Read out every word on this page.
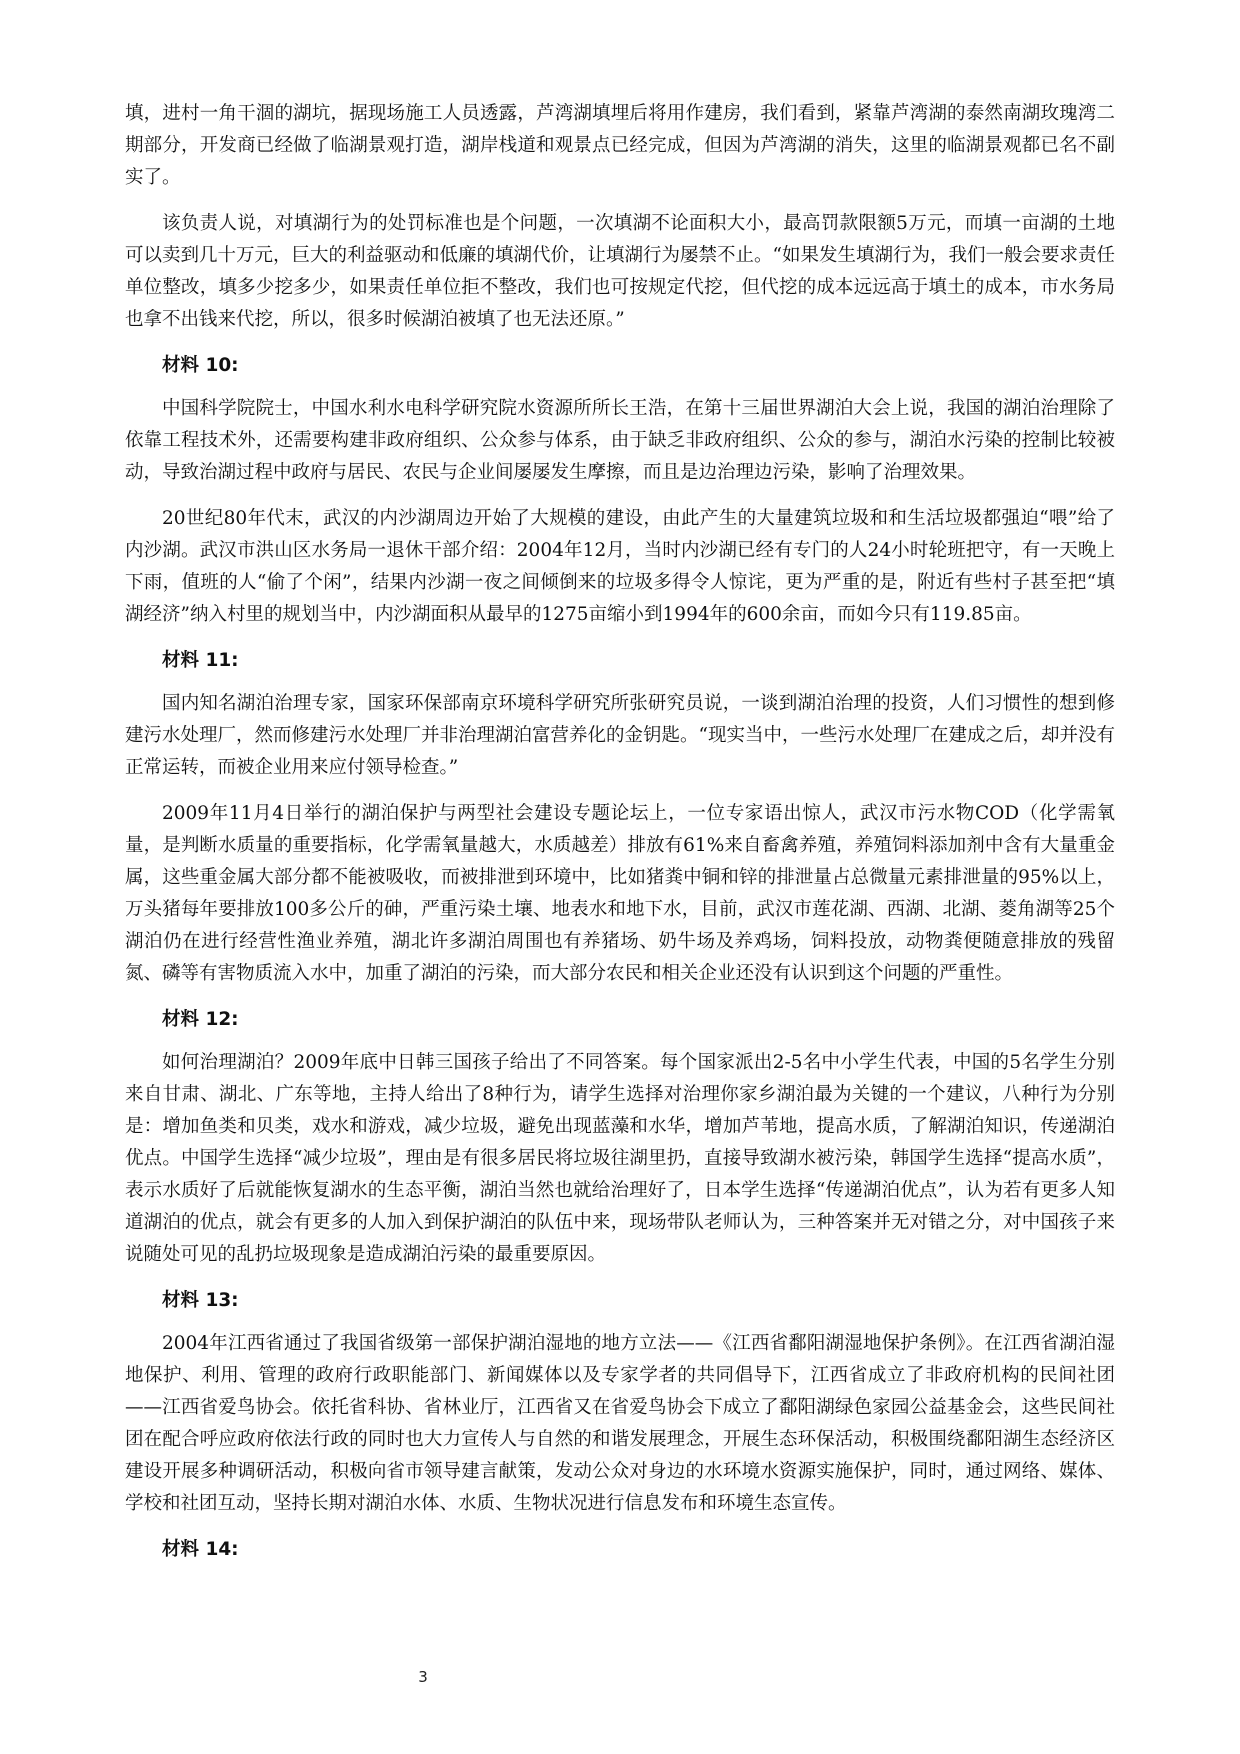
填，进村一角干涸的湖坑，据现场施工人员透露，芦湾湖填埋后将用作建房，我们看到，紧靠芦湾湖的泰然南湖玫瑰湾二期部分，开发商已经做了临湖景观打造，湖岸栈道和观景点已经完成，但因为芦湾湖的消失，这里的临湖景观都已名不副实了。

该负责人说，对填湖行为的处罚标准也是个问题，一次填湖不论面积大小，最高罚款限额5万元，而填一亩湖的土地可以卖到几十万元，巨大的利益驱动和低廉的填湖代价，让填湖行为屡禁不止。“如果发生填湖行为，我们一般会要求责任单位整改，填多少挖多少，如果责任单位拒不整改，我们也可按规定代挖，但代挖的成本远远高于填土的成本，市水务局也拿不出钱来代挖，所以，很多时候湖泊被填了也无法还原。”

材料 10:

中国科学院院士，中国水利水电科学研究院水资源所所长王浩，在第十三届世界湖泊大会上说，我国的湖泊治理除了依靠工程技术外，还需要构建非政府组织、公众参与体系，由于缺乏非政府组织、公众的参与，湖泊水污染的控制比较被动，导致治湖过程中政府与居民、农民与企业间屡屡发生摩擦，而且是边治理边污染，影响了治理效果。

20世纪80年代末，武汉的内沙湖周边开始了大规模的建设，由此产生的大量建筑垃圾和和生活垃圾都强迫“喂”给了内沙湖。武汉市洪山区水务局一退休干部介绍：2004年12月，当时内沙湖已经有专门的人24小时轮班把守，有一天晚上下雨，值班的人“偷了个闲”，结果内沙湖一夜之间倾倒来的垃圾多得令人惊诧，更为严重的是，附近有些村子甚至把“填湖经济”纳入村里的规划当中，内沙湖面积从最早的1275亩缩小到1994年的600余亩，而如今只有119.85亩。

材料 11:

国内知名湖泊治理专家，国家环保部南京环境科学研究所张研究员说，一谈到湖泊治理的投资，人们习惯性的想到修建污水处理厂，然而修建污水处理厂并非治理湖泊富营养化的金钥匙。“现实当中，一些污水处理厂在建成之后，却并没有正常运转，而被企业用来应付领导检查。”

2009年11月4日举行的湖泊保护与两型社会建设专题论坛上，一位专家语出惊人，武汉市污水物COD（化学需氧量，是判断水质量的重要指标，化学需氧量越大，水质越差）排放有61%来自畜禽养殖，养殖饲料添加剂中含有大量重金属，这些重金属大部分都不能被吸收，而被排泄到环境中，比如猪粪中铜和锌的排泄量占总微量元素排泄量的95%以上，万头猪每年要排放100多公斤的砷，严重污染土壤、地表水和地下水，目前，武汉市莲花湖、西湖、北湖、菱角湖等25个湖泊仍在进行经营性渔业养殖，湖北许多湖泊周围也有养猪场、奶牛场及养鸡场，饲料投放，动物粪便随意排放的残留氮、磷等有害物质流入水中，加重了湖泊的污染，而大部分农民和相关企业还没有认识到这个问题的严重性。

材料 12:

如何治理湖泊？2009年底中日韩三国孩子给出了不同答案。每个国家派出2-5名中小学生代表，中国的5名学生分别来自甘肃、湖北、广东等地，主持人给出了8种行为，请学生选择对治理你家乡湖泊最为关键的一个建议，八种行为分别是：增加鱼类和贝类，戏水和游戏，减少垃圾，避免出现蓝藻和水华，增加芦苇地，提高水质，了解湖泊知识，传递湖泊优点。中国学生选择“减少垃圾”，理由是有很多居民将垃圾往湖里扔，直接导致湖水被污染，韩国学生选择“提高水质”，表示水质好了后就能恢复湖水的生态平衡，湖泊当然也就给治理好了，日本学生选择“传递湖泊优点”，认为若有更多人知道湖泊的优点，就会有更多的人加入到保护湖泊的队伍中来，现场带队老师认为，三种答案并无对错之分，对中国孩子来说随处可见的乱扔垃圾现象是造成湖泊污染的最重要原因。

材料 13:

2004年江西省通过了我国省级第一部保护湖泊湿地的地方立法——《江西省鄱阳湖湿地保护条例》。在江西省湖泊湿地保护、利用、管理的政府行政职能部门、新闻媒体以及专家学者的共同倡导下，江西省成立了非政府机构的民间社团——江西省爱鸟协会。依托省科协、省林业厅，江西省又在省爱鸟协会下成立了鄱阳湖绿色家园公益基金会，这些民间社团在配合呼应政府依法行政的同时也大力宣传人与自然的和谐发展理念，开展生态环保活动，积极围绕鄱阳湖生态经济区建设开展多种调研活动，积极向省市领导建言献策，发动公众对身边的水环境水资源实施保护，同时，通过网络、媒体、学校和社团互动，坚持长期对湖泊水体、水质、生物状况进行信息发布和环境生态宣传。

材料 14:

3
